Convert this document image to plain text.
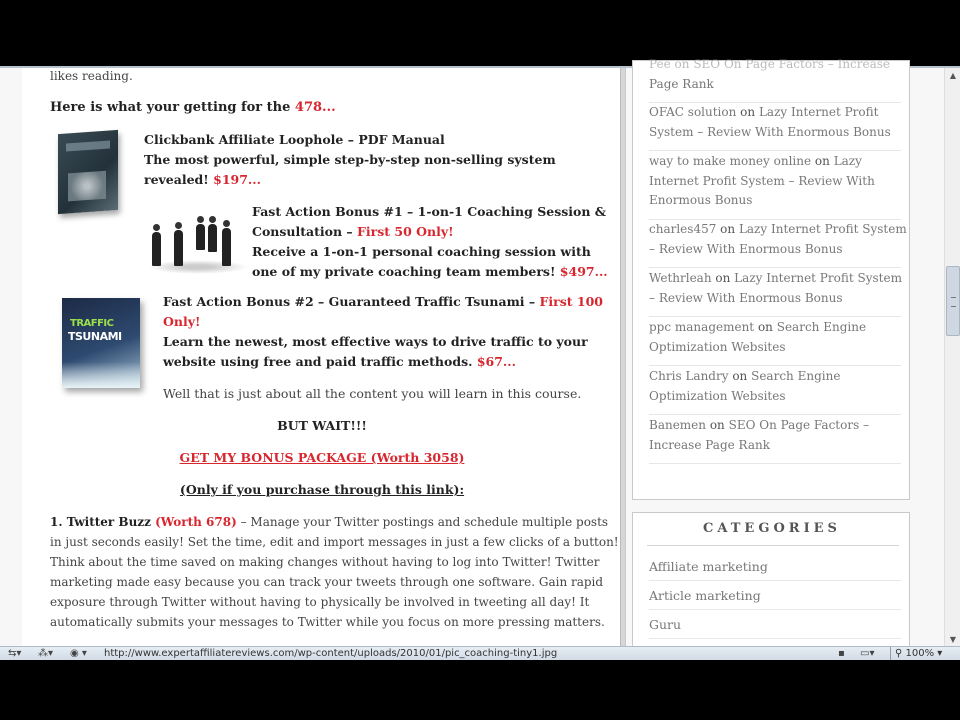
likes reading.
Here is what your getting for the 478...
Clickbank Affiliate Loophole – PDF Manual
The most powerful, simple step-by-step non-selling system
revealed! $197...
Fast Action Bonus #1 – 1-on-1 Coaching Session &
Consultation – First 50 Only!
Receive a 1-on-1 personal coaching session with
one of my private coaching team members! $497...
TRAFFIC
TSUNAMI
Fast Action Bonus #2 – Guaranteed Traffic Tsunami – First 100
Only!
Learn the newest, most effective ways to drive traffic to your
website using free and paid traffic methods. $67...
Well that is just about all the content you will learn in this course.
BUT WAIT!!!
GET MY BONUS PACKAGE (Worth 3058)
(Only if you purchase through this link):
1. Twitter Buzz (Worth 678) – Manage your Twitter postings and schedule multiple posts
in just seconds easily! Set the time, edit and import messages in just a few clicks of a button!
Think about the time saved on making changes without having to log into Twitter! Twitter
marketing made easy because you can track your tweets through one software. Gain rapid
exposure through Twitter without having to physically be involved in tweeting all day! It
automatically submits your messages to Twitter while you focus on more pressing matters.
Pee on SEO On Page Factors – Increase
Page Rank
OFAC solution on Lazy Internet Profit
System – Review With Enormous Bonus
way to make money online on Lazy
Internet Profit System – Review With
Enormous Bonus
charles457 on Lazy Internet Profit System
– Review With Enormous Bonus
Wethrleah on Lazy Internet Profit System
– Review With Enormous Bonus
ppc management on Search Engine
Optimization Websites
Chris Landry on Search Engine
Optimization Websites
Banemen on SEO On Page Factors –
Increase Page Rank
CATEGORIES
Affiliate marketing
Article marketing
Guru
▲
▼
⇆▾ ⁂▾ ◉ ▾ http://www.expertaffiliatereviews.com/wp-content/uploads/2010/01/pic_coaching-tiny1.jpg	▪ ▭▾	⚲ 100% ▾
